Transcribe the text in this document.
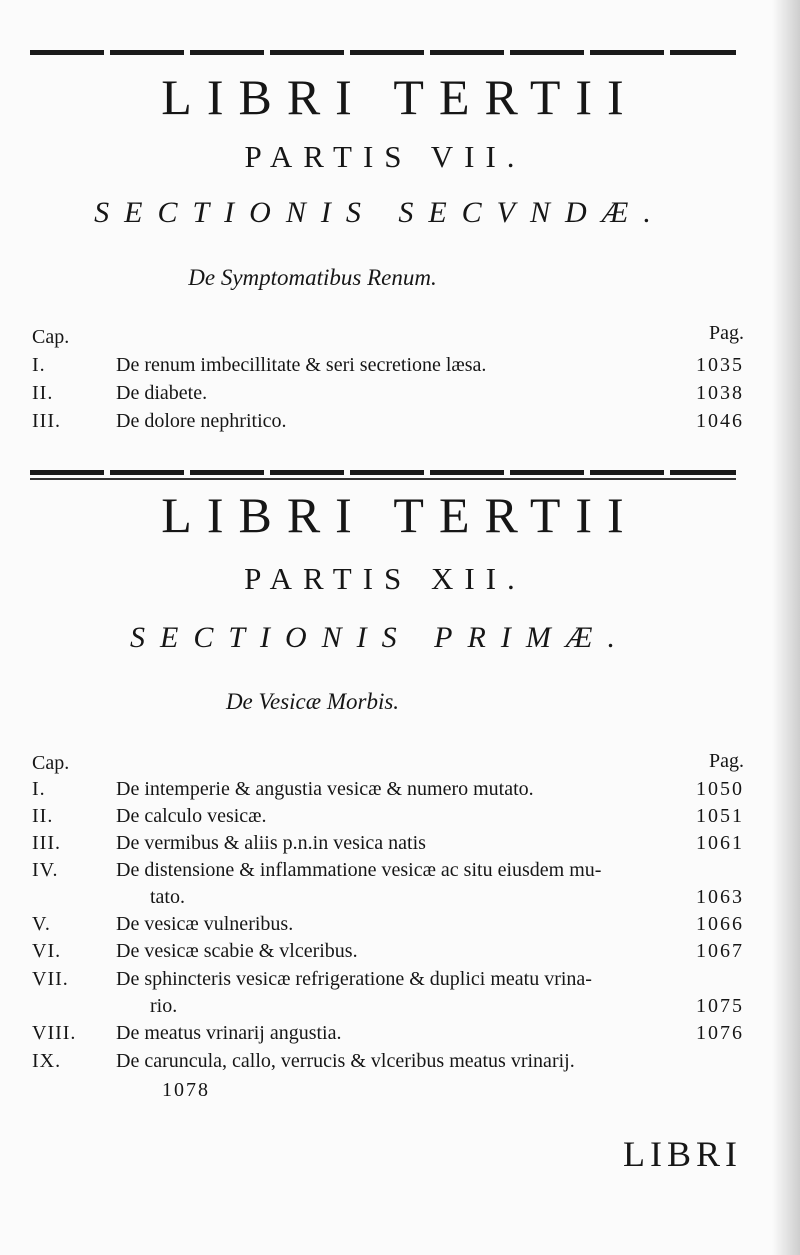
LIBRI TERTII
PARTIS VII.
SECTIONIS SECVNDÆ.
De Symptomatibus Renum.
Cap.	Pag.
I.	De renum imbecillitate & seri secretione læsa.	1035
II.	De diabete.	1038
III.	De dolore nephritico.	1046
LIBRI TERTII
PARTIS XII.
SECTIONIS PRIMÆ.
De Vesicæ Morbis.
Cap.	Pag.
I.	De intemperie & angustia vesicæ & numero mutato.	1050
II.	De calculo vesicæ.	1051
III.	De vermibus & aliis p.n.in vesica natis	1061
IV.	De distensione & inflammatione vesicæ ac situ eiusdem mu-
tato.	1063
V.	De vesicæ vulneribus.	1066
VI.	De vesicæ scabie & vlceribus.	1067
VII.	De sphincteris vesicæ refrigeratione & duplici meatu vrina-
rio.	1075
VIII.	De meatus vrinarij angustia.	1076
IX.	De caruncula, callo, verrucis & vlceribus meatus vrinarij.
1078
LIBRI
